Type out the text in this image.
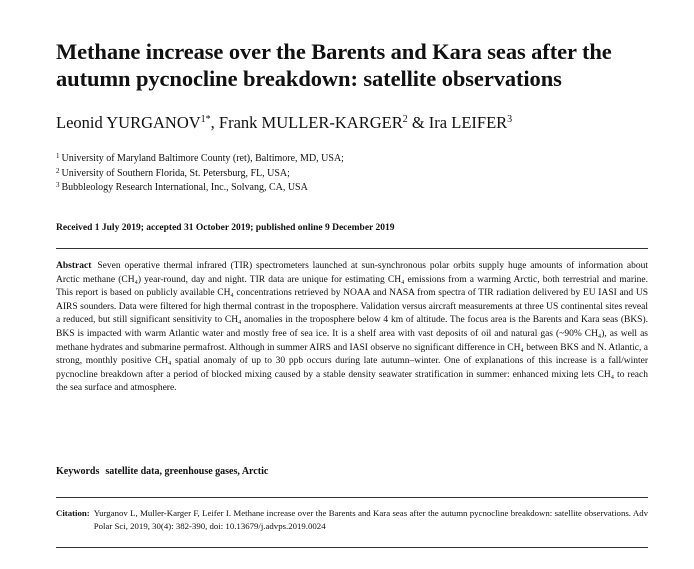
Methane increase over the Barents and Kara seas after the autumn pycnocline breakdown: satellite observations
Leonid $YURGANOV^{1*}$, Frank MULLER-KARGER$^2$ & Ira LEIFER$^3$
$^1$ University of Maryland Baltimore County (ret), Baltimore, MD, USA;
$^2$ University of Southern Florida, St. Petersburg, FL, USA;
$^3$ Bubbleology Research International, Inc., Solvang, CA, USA
Received 1 July 2019; accepted 31 October 2019; published online 9 December 2019

Abstract Seven operative thermal infrared (TIR) spectrometers launched at sun-synchronous polar orbits supply huge amounts of information about Arctic methane (CH₄) year-round, day and night. TIR data are unique for estimating CH₄ emissions from a warming Arctic, both terrestrial and marine. This report is based on publicly available CH₄ concentrations retrieved by NOAA and NASA from spectra of TIR radiation delivered by EU IASI and US AIRS sounders. Data were filtered for high thermal contrast in the troposphere. Validation versus aircraft measurements at three US continental sites reveal a reduced, but still significant sensitivity to CH₄ anomalies in the troposphere below 4 km of altitude. The focus area is the Barents and Kara seas (BKS). BKS is impacted with warm Atlantic water and mostly free of sea ice. It is a shelf area with vast deposits of oil and natural gas (~90% CH₄), as well as methane hydrates and submarine permafrost. Although in summer AIRS and IASI observe no significant difference in CH₄ between BKS and N. Atlantic, a strong, monthly positive CH₄ spatial anomaly of up to 30 ppb occurs during late autumn–winter. One of explanations of this increase is a fall/winter pycnocline breakdown after a period of blocked mixing caused by a stable density seawater stratification in summer: enhanced mixing lets CH₄ to reach the sea surface and atmosphere.

Keywords satellite data, greenhouse gases, Arctic
Citation: Yurganov L, Muller-Karger F, Leifer I. Methane increase over the Barents and Kara seas after the autumn pycnocline breakdown: satellite observations. Adv Polar Sci, 2019, 30(4): 382-390, doi: 10.13679/j.advps.2019.0024
